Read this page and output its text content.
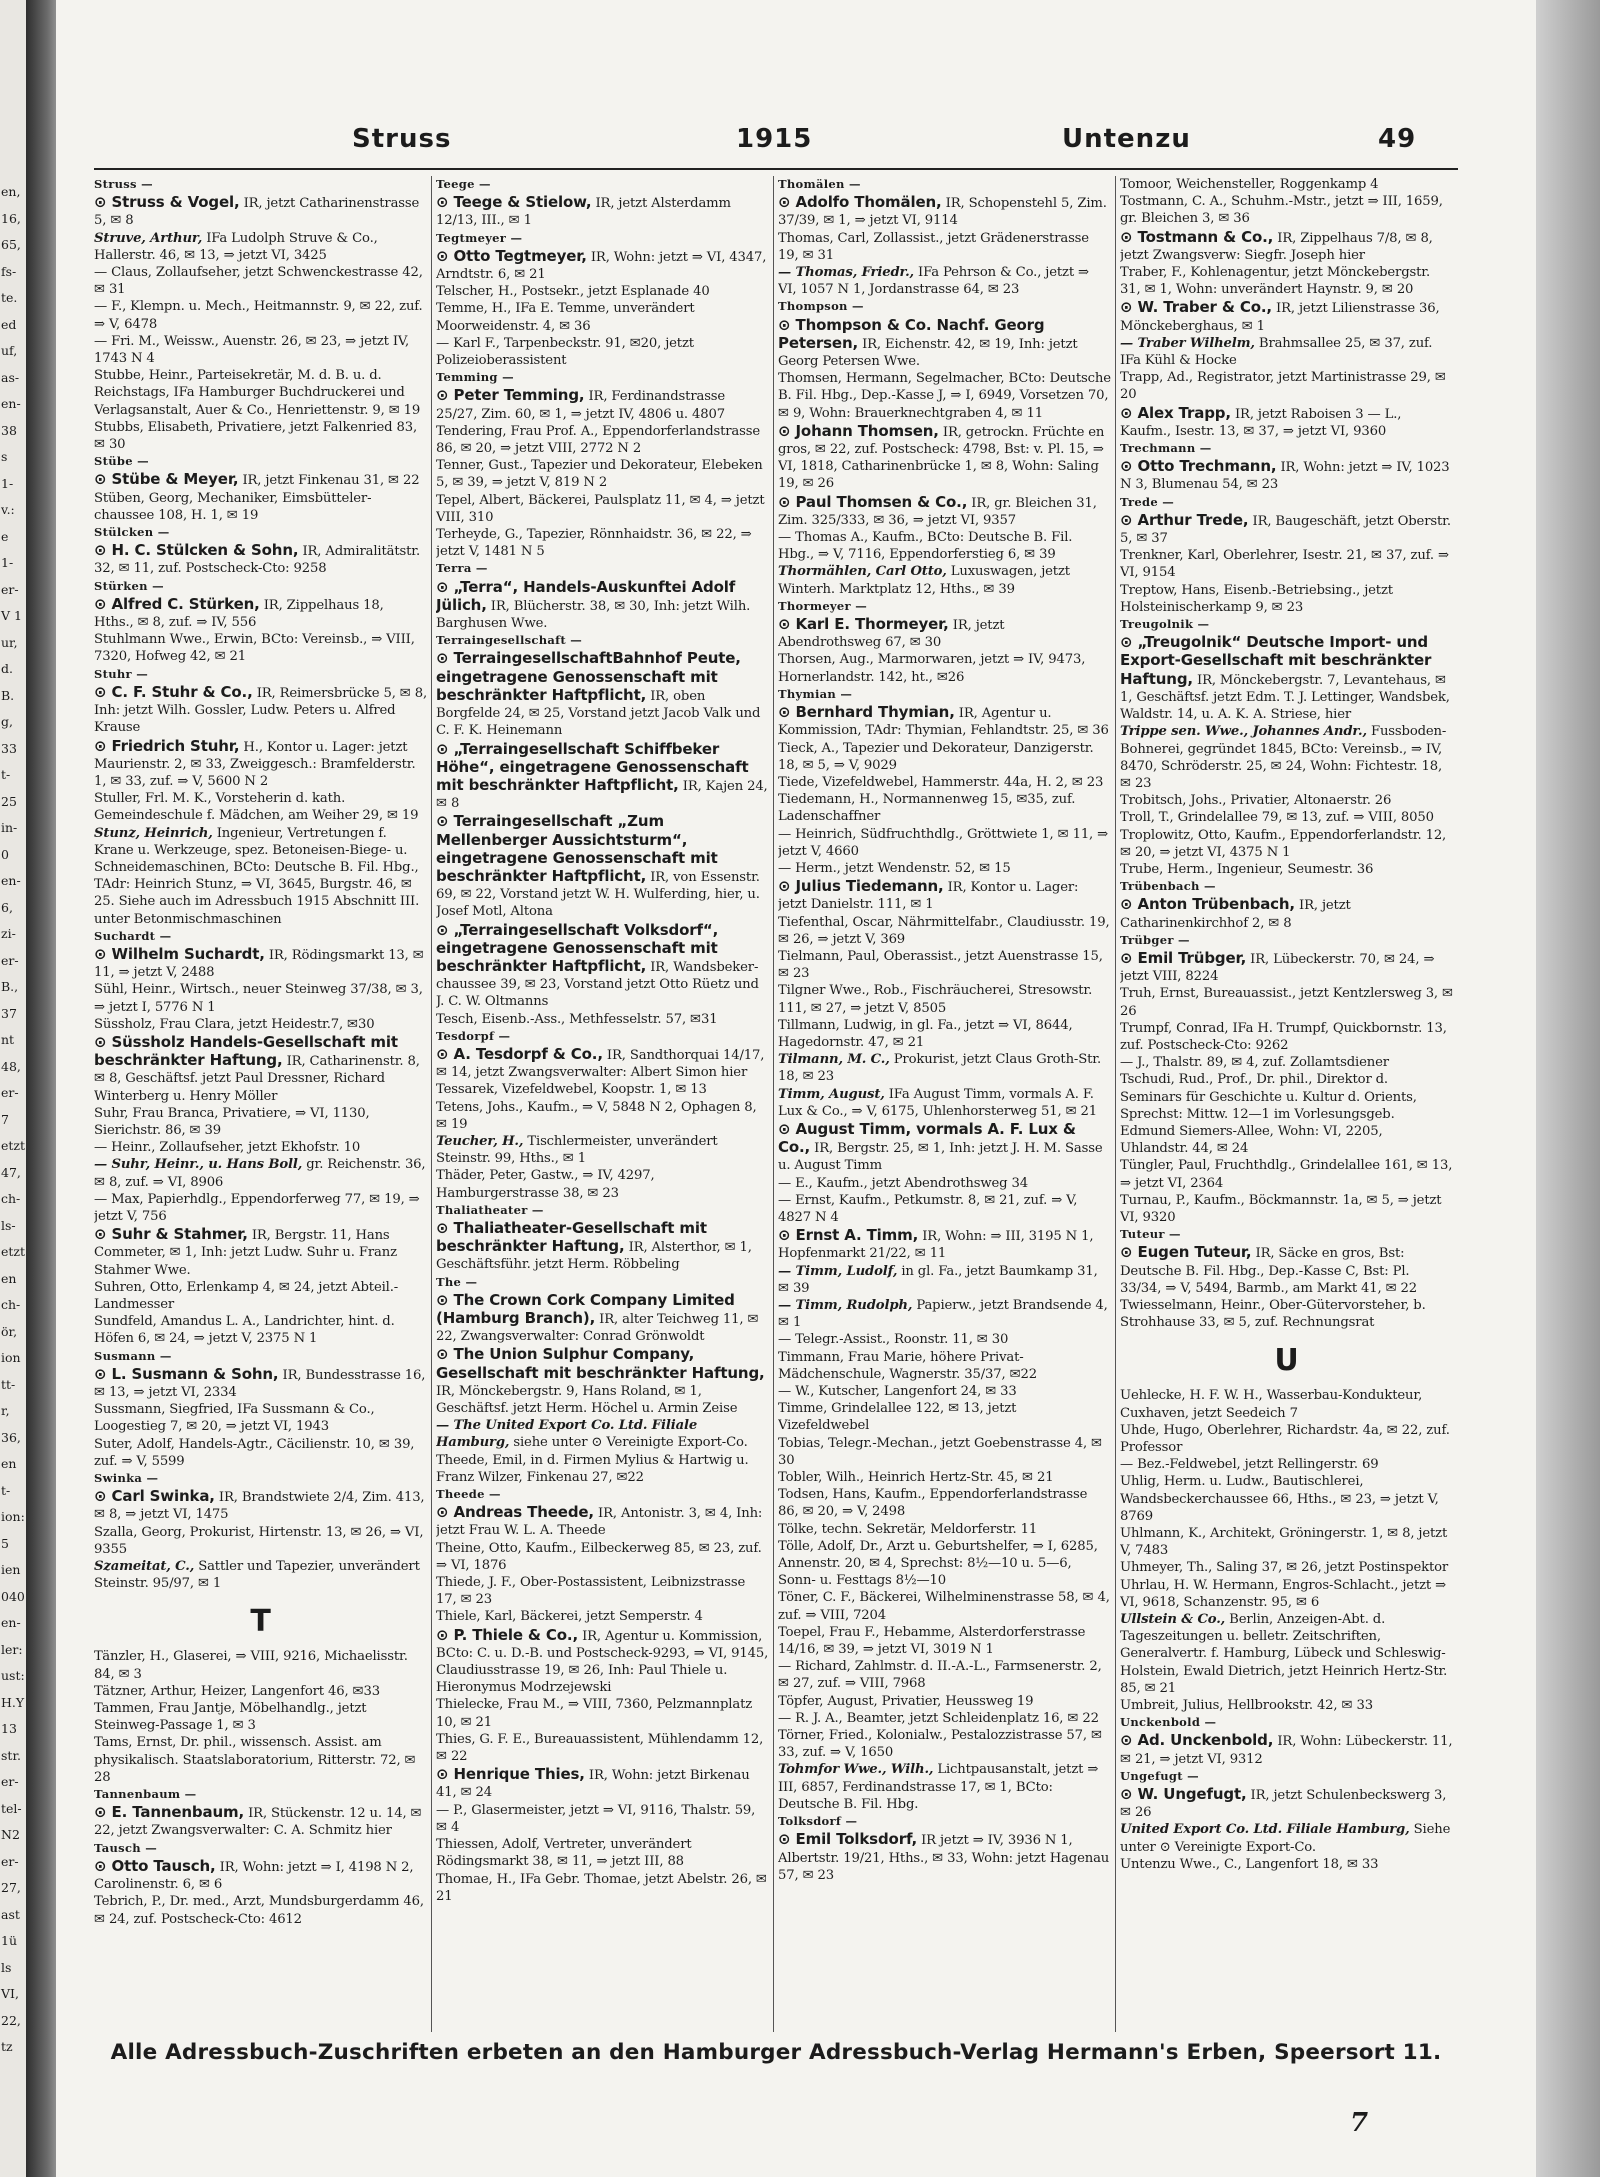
en,
16,
65,
fs-
te.
ed
uf,
as-
en-
38
s
1-
v.:
e
1-
er-
V 1
ur,
d.
B.
g,
33
t-
25
in-
0
en-
6,
zi-
er-
B.,
37
nt
48,
er-
7
etzt
47,
ch-
ls-
etzt
en
ch-
ör,
ion
tt-
r,
36,
en
t-
ion:
5
ien
040
en-
ler:
ust:
H.Y
13
str.
er-
tel-
N2
er-
27,
ast
1ü
ls
VI,
22,
tz
Struss	1915	Untenzu	49

Struss —

⊙ Struss & Vogel, IR, jetzt Catharinenstrasse 5, ✉ 8

Struve, Arthur, IFa Ludolph Struve & Co., Hallerstr. 46, ✉ 13, ⇒ jetzt VI, 3425

— Claus, Zollaufseher, jetzt Schwenckestrasse 42, ✉ 31

— F., Klempn. u. Mech., Heitmannstr. 9, ✉ 22, zuf. ⇒ V, 6478

— Fri. M., Weissw., Auenstr. 26, ✉ 23, ⇒ jetzt IV, 1743 N 4

Stubbe, Heinr., Parteisekretär, M. d. B. u. d. Reichstags, IFa Hamburger Buchdruckerei und Verlagsanstalt, Auer & Co., Henriettenstr. 9, ✉ 19

Stubbs, Elisabeth, Privatiere, jetzt Falkenried 83, ✉ 30

Stübe —

⊙ Stübe & Meyer, IR, jetzt Finkenau 31, ✉ 22

Stüben, Georg, Mechaniker, Eimsbütteler-chaussee 108, H. 1, ✉ 19

Stülcken —

⊙ H. C. Stülcken & Sohn, IR, Admiralitätstr. 32, ✉ 11, zuf. Postscheck-Cto: 9258

Stürken —

⊙ Alfred C. Stürken, IR, Zippelhaus 18, Hths., ✉ 8, zuf. ⇒ IV, 556

Stuhlmann Wwe., Erwin, BCto: Vereinsb., ⇒ VIII, 7320, Hofweg 42, ✉ 21

Stuhr —

⊙ C. F. Stuhr & Co., IR, Reimersbrücke 5, ✉ 8, Inh: jetzt Wilh. Gossler, Ludw. Peters u. Alfred Krause

⊙ Friedrich Stuhr, H., Kontor u. Lager: jetzt Maurienstr. 2, ✉ 33, Zweiggesch.: Bramfelderstr. 1, ✉ 33, zuf. ⇒ V, 5600 N 2

Stuller, Frl. M. K., Vorsteherin d. kath. Gemeindeschule f. Mädchen, am Weiher 29, ✉ 19

Stunz, Heinrich, Ingenieur, Vertretungen f. Krane u. Werkzeuge, spez. Betoneisen-Biege- u. Schneidemaschinen, BCto: Deutsche B. Fil. Hbg., TAdr: Heinrich Stunz, ⇒ VI, 3645, Burgstr. 46, ✉ 25. Siehe auch im Adressbuch 1915 Abschnitt III. unter Betonmischmaschinen

Suchardt —

⊙ Wilhelm Suchardt, IR, Rödingsmarkt 13, ✉ 11, ⇒ jetzt V, 2488

Sühl, Heinr., Wirtsch., neuer Steinweg 37/38, ✉ 3, ⇒ jetzt I, 5776 N 1

Süssholz, Frau Clara, jetzt Heidestr.7, ✉30

⊙ Süssholz Handels-Gesellschaft mit beschränkter Haftung, IR, Catharinenstr. 8, ✉ 8, Geschäftsf. jetzt Paul Dressner, Richard Winterberg u. Henry Möller

Suhr, Frau Branca, Privatiere, ⇒ VI, 1130, Sierichstr. 86, ✉ 39

— Heinr., Zollaufseher, jetzt Ekhofstr. 10

— Suhr, Heinr., u. Hans Boll, gr. Reichenstr. 36, ✉ 8, zuf. ⇒ VI, 8906

— Max, Papierhdlg., Eppendorferweg 77, ✉ 19, ⇒ jetzt V, 756

⊙ Suhr & Stahmer, IR, Bergstr. 11, Hans Commeter, ✉ 1, Inh: jetzt Ludw. Suhr u. Franz Stahmer Wwe.

Suhren, Otto, Erlenkamp 4, ✉ 24, jetzt Abteil.-Landmesser

Sundfeld, Amandus L. A., Landrichter, hint. d. Höfen 6, ✉ 24, ⇒ jetzt V, 2375 N 1

Susmann —

⊙ L. Susmann & Sohn, IR, Bundesstrasse 16, ✉ 13, ⇒ jetzt VI, 2334

Sussmann, Siegfried, IFa Sussmann & Co., Loogestieg 7, ✉ 20, ⇒ jetzt VI, 1943

Suter, Adolf, Handels-Agtr., Cäcilienstr. 10, ✉ 39, zuf. ⇒ V, 5599

Swinka —

⊙ Carl Swinka, IR, Brandstwiete 2/4, Zim. 413, ✉ 8, ⇒ jetzt VI, 1475

Szalla, Georg, Prokurist, Hirtenstr. 13, ✉ 26, ⇒ VI, 9355

Szameitat, C., Sattler und Tapezier, unverändert Steinstr. 95/97, ✉ 1

T

Tänzler, H., Glaserei, ⇒ VIII, 9216, Michaelisstr. 84, ✉ 3

Tätzner, Arthur, Heizer, Langenfort 46, ✉33

Tammen, Frau Jantje, Möbelhandlg., jetzt Steinweg-Passage 1, ✉ 3

Tams, Ernst, Dr. phil., wissensch. Assist. am physikalisch. Staatslaboratorium, Ritterstr. 72, ✉ 28

Tannenbaum —

⊙ E. Tannenbaum, IR, Stückenstr. 12 u. 14, ✉ 22, jetzt Zwangsverwalter: C. A. Schmitz hier

Tausch —

⊙ Otto Tausch, IR, Wohn: jetzt ⇒ I, 4198 N 2, Carolinenstr. 6, ✉ 6

Tebrich, P., Dr. med., Arzt, Mundsburgerdamm 46, ✉ 24, zuf. Postscheck-Cto: 4612

Teege —

⊙ Teege & Stielow, IR, jetzt Alsterdamm 12/13, III., ✉ 1

Tegtmeyer —

⊙ Otto Tegtmeyer, IR, Wohn: jetzt ⇒ VI, 4347, Arndtstr. 6, ✉ 21

Telscher, H., Postsekr., jetzt Esplanade 40

Temme, H., IFa E. Temme, unverändert Moorweidenstr. 4, ✉ 36

— Karl F., Tarpenbeckstr. 91, ✉20, jetzt Polizeioberassistent

Temming —

⊙ Peter Temming, IR, Ferdinandstrasse 25/27, Zim. 60, ✉ 1, ⇒ jetzt IV, 4806 u. 4807

Tendering, Frau Prof. A., Eppendorferlandstrasse 86, ✉ 20, ⇒ jetzt VIII, 2772 N 2

Tenner, Gust., Tapezier und Dekorateur, Elebeken 5, ✉ 39, ⇒ jetzt V, 819 N 2

Tepel, Albert, Bäckerei, Paulsplatz 11, ✉ 4, ⇒ jetzt VIII, 310

Terheyde, G., Tapezier, Rönnhaidstr. 36, ✉ 22, ⇒ jetzt V, 1481 N 5

Terra —

⊙ „Terra“, Handels-Auskunftei Adolf Jülich, IR, Blücherstr. 38, ✉ 30, Inh: jetzt Wilh. Barghusen Wwe.

Terraingesellschaft —

⊙ TerraingesellschaftBahnhof Peute, eingetragene Genossenschaft mit beschränkter Haftpflicht, IR, oben Borgfelde 24, ✉ 25, Vorstand jetzt Jacob Valk und C. F. K. Heinemann

⊙ „Terraingesellschaft Schiffbeker Höhe“, eingetragene Genossenschaft mit beschränkter Haftpflicht, IR, Kajen 24, ✉ 8

⊙ Terraingesellschaft „Zum Mellenberger Aussichtsturm“, eingetragene Genossenschaft mit beschränkter Haftpflicht, IR, von Essenstr. 69, ✉ 22, Vorstand jetzt W. H. Wulferding, hier, u. Josef Motl, Altona

⊙ „Terraingesellschaft Volksdorf“, eingetragene Genossenschaft mit beschränkter Haftpflicht, IR, Wandsbeker-chaussee 39, ✉ 23, Vorstand jetzt Otto Rüetz und J. C. W. Oltmanns

Tesch, Eisenb.-Ass., Methfesselstr. 57, ✉31

Tesdorpf —

⊙ A. Tesdorpf & Co., IR, Sandthorquai 14/17, ✉ 14, jetzt Zwangsverwalter: Albert Simon hier

Tessarek, Vizefeldwebel, Koopstr. 1, ✉ 13

Tetens, Johs., Kaufm., ⇒ V, 5848 N 2, Ophagen 8, ✉ 19

Teucher, H., Tischlermeister, unverändert Steinstr. 99, Hths., ✉ 1

Thäder, Peter, Gastw., ⇒ IV, 4297, Hamburgerstrasse 38, ✉ 23

Thaliatheater —

⊙ Thaliatheater-Gesellschaft mit beschränkter Haftung, IR, Alsterthor, ✉ 1, Geschäftsführ. jetzt Herm. Röbbeling

The —

⊙ The Crown Cork Company Limited (Hamburg Branch), IR, alter Teichweg 11, ✉ 22, Zwangsverwalter: Conrad Grönwoldt

⊙ The Union Sulphur Company, Gesellschaft mit beschränkter Haftung, IR, Mönckebergstr. 9, Hans Roland, ✉ 1, Geschäftsf. jetzt Herm. Höchel u. Armin Zeise

— The United Export Co. Ltd. Filiale Hamburg, siehe unter ⊙ Vereinigte Export-Co.

Theede, Emil, in d. Firmen Mylius & Hartwig u. Franz Wilzer, Finkenau 27, ✉22

Theede —

⊙ Andreas Theede, IR, Antonistr. 3, ✉ 4, Inh: jetzt Frau W. L. A. Theede

Theine, Otto, Kaufm., Eilbeckerweg 85, ✉ 23, zuf. ⇒ VI, 1876

Thiede, J. F., Ober-Postassistent, Leibnizstrasse 17, ✉ 23

Thiele, Karl, Bäckerei, jetzt Semperstr. 4

⊙ P. Thiele & Co., IR, Agentur u. Kommission, BCto: C. u. D.-B. und Postscheck-9293, ⇒ VI, 9145, Claudiusstrasse 19, ✉ 26, Inh: Paul Thiele u. Hieronymus Modrzejewski

Thielecke, Frau M., ⇒ VIII, 7360, Pelzmannplatz 10, ✉ 21

Thies, G. F. E., Bureauassistent, Mühlendamm 12, ✉ 22

⊙ Henrique Thies, IR, Wohn: jetzt Birkenau 41, ✉ 24

— P., Glasermeister, jetzt ⇒ VI, 9116, Thalstr. 59, ✉ 4

Thiessen, Adolf, Vertreter, unverändert Rödingsmarkt 38, ✉ 11, ⇒ jetzt III, 88

Thomae, H., IFa Gebr. Thomae, jetzt Abelstr. 26, ✉ 21

Thomälen —

⊙ Adolfo Thomälen, IR, Schopenstehl 5, Zim. 37/39, ✉ 1, ⇒ jetzt VI, 9114

Thomas, Carl, Zollassist., jetzt Grädenerstrasse 19, ✉ 31

— Thomas, Friedr., IFa Pehrson & Co., jetzt ⇒ VI, 1057 N 1, Jordanstrasse 64, ✉ 23

Thompson —

⊙ Thompson & Co. Nachf. Georg Petersen, IR, Eichenstr. 42, ✉ 19, Inh: jetzt Georg Petersen Wwe.

Thomsen, Hermann, Segelmacher, BCto: Deutsche B. Fil. Hbg., Dep.-Kasse J, ⇒ I, 6949, Vorsetzen 70, ✉ 9, Wohn: Brauerknechtgraben 4, ✉ 11

⊙ Johann Thomsen, IR, getrockn. Früchte en gros, ✉ 22, zuf. Postscheck: 4798, Bst: v. Pl. 15, ⇒ VI, 1818, Catharinenbrücke 1, ✉ 8, Wohn: Saling 19, ✉ 26

⊙ Paul Thomsen & Co., IR, gr. Bleichen 31, Zim. 325/333, ✉ 36, ⇒ jetzt VI, 9357

— Thomas A., Kaufm., BCto: Deutsche B. Fil. Hbg., ⇒ V, 7116, Eppendorferstieg 6, ✉ 39

Thormählen, Carl Otto, Luxuswagen, jetzt Winterh. Marktplatz 12, Hths., ✉ 39

Thormeyer —

⊙ Karl E. Thormeyer, IR, jetzt Abendrothsweg 67, ✉ 30

Thorsen, Aug., Marmorwaren, jetzt ⇒ IV, 9473, Hornerlandstr. 142, ht., ✉26

Thymian —

⊙ Bernhard Thymian, IR, Agentur u. Kommission, TAdr: Thymian, Fehlandtstr. 25, ✉ 36

Tieck, A., Tapezier und Dekorateur, Danzigerstr. 18, ✉ 5, ⇒ V, 9029

Tiede, Vizefeldwebel, Hammerstr. 44a, H. 2, ✉ 23

Tiedemann, H., Normannenweg 15, ✉35, zuf. Ladenschaffner

— Heinrich, Südfruchthdlg., Gröttwiete 1, ✉ 11, ⇒ jetzt V, 4660

— Herm., jetzt Wendenstr. 52, ✉ 15

⊙ Julius Tiedemann, IR, Kontor u. Lager: jetzt Danielstr. 111, ✉ 1

Tiefenthal, Oscar, Nährmittelfabr., Claudiusstr. 19, ✉ 26, ⇒ jetzt V, 369

Tielmann, Paul, Oberassist., jetzt Auenstrasse 15, ✉ 23

Tilgner Wwe., Rob., Fischräucherei, Stresowstr. 111, ✉ 27, ⇒ jetzt V, 8505

Tillmann, Ludwig, in gl. Fa., jetzt ⇒ VI, 8644, Hagedornstr. 47, ✉ 21

Tilmann, M. C., Prokurist, jetzt Claus Groth-Str. 18, ✉ 23

Timm, August, IFa August Timm, vormals A. F. Lux & Co., ⇒ V, 6175, Uhlenhorsterweg 51, ✉ 21

⊙ August Timm, vormals A. F. Lux & Co., IR, Bergstr. 25, ✉ 1, Inh: jetzt J. H. M. Sasse u. August Timm

— E., Kaufm., jetzt Abendrothsweg 34

— Ernst, Kaufm., Petkumstr. 8, ✉ 21, zuf. ⇒ V, 4827 N 4

⊙ Ernst A. Timm, IR, Wohn: ⇒ III, 3195 N 1, Hopfenmarkt 21/22, ✉ 11

— Timm, Ludolf, in gl. Fa., jetzt Baumkamp 31, ✉ 39

— Timm, Rudolph, Papierw., jetzt Brandsende 4, ✉ 1

— Telegr.-Assist., Roonstr. 11, ✉ 30

Timmann, Frau Marie, höhere Privat-Mädchenschule, Wagnerstr. 35/37, ✉22

— W., Kutscher, Langenfort 24, ✉ 33

Timme, Grindelallee 122, ✉ 13, jetzt Vizefeldwebel

Tobias, Telegr.-Mechan., jetzt Goebenstrasse 4, ✉ 30

Tobler, Wilh., Heinrich Hertz-Str. 45, ✉ 21

Todsen, Hans, Kaufm., Eppendorferlandstrasse 86, ✉ 20, ⇒ V, 2498

Tölke, techn. Sekretär, Meldorferstr. 11

Tölle, Adolf, Dr., Arzt u. Geburtshelfer, ⇒ I, 6285, Annenstr. 20, ✉ 4, Sprechst: 8½—10 u. 5—6, Sonn- u. Festtags 8½—10

Töner, C. F., Bäckerei, Wilhelminenstrasse 58, ✉ 4, zuf. ⇒ VIII, 7204

Toepel, Frau F., Hebamme, Alsterdorferstrasse 14/16, ✉ 39, ⇒ jetzt VI, 3019 N 1

— Richard, Zahlmstr. d. II.-A.-L., Farmsenerstr. 2, ✉ 27, zuf. ⇒ VIII, 7968

Töpfer, August, Privatier, Heussweg 19

— R. J. A., Beamter, jetzt Schleidenplatz 16, ✉ 22

Törner, Fried., Kolonialw., Pestalozzistrasse 57, ✉ 33, zuf. ⇒ V, 1650

Tohmfor Wwe., Wilh., Lichtpausanstalt, jetzt ⇒ III, 6857, Ferdinandstrasse 17, ✉ 1, BCto: Deutsche B. Fil. Hbg.

Tolksdorf —

⊙ Emil Tolksdorf, IR jetzt ⇒ IV, 3936 N 1, Albertstr. 19/21, Hths., ✉ 33, Wohn: jetzt Hagenau 57, ✉ 23

Tomoor, Weichensteller, Roggenkamp 4

Tostmann, C. A., Schuhm.-Mstr., jetzt ⇒ III, 1659, gr. Bleichen 3, ✉ 36

⊙ Tostmann & Co., IR, Zippelhaus 7/8, ✉ 8, jetzt Zwangsverw: Siegfr. Joseph hier

Traber, F., Kohlenagentur, jetzt Mönckebergstr. 31, ✉ 1, Wohn: unverändert Haynstr. 9, ✉ 20

⊙ W. Traber & Co., IR, jetzt Lilienstrasse 36, Mönckeberghaus, ✉ 1

— Traber Wilhelm, Brahmsallee 25, ✉ 37, zuf. IFa Kühl & Hocke

Trapp, Ad., Registrator, jetzt Martinistrasse 29, ✉ 20

⊙ Alex Trapp, IR, jetzt Raboisen 3 — L., Kaufm., Isestr. 13, ✉ 37, ⇒ jetzt VI, 9360

Trechmann —

⊙ Otto Trechmann, IR, Wohn: jetzt ⇒ IV, 1023 N 3, Blumenau 54, ✉ 23

Trede —

⊙ Arthur Trede, IR, Baugeschäft, jetzt Oberstr. 5, ✉ 37

Trenkner, Karl, Oberlehrer, Isestr. 21, ✉ 37, zuf. ⇒ VI, 9154

Treptow, Hans, Eisenb.-Betriebsing., jetzt Holsteinischerkamp 9, ✉ 23

Treugolnik —

⊙ „Treugolnik“ Deutsche Import- und Export-Gesellschaft mit beschränkter Haftung, IR, Mönckebergstr. 7, Levantehaus, ✉ 1, Geschäftsf. jetzt Edm. T. J. Lettinger, Wandsbek, Waldstr. 14, u. A. K. A. Striese, hier

Trippe sen. Wwe., Johannes Andr., Fussboden-Bohnerei, gegründet 1845, BCto: Vereinsb., ⇒ IV, 8470, Schröderstr. 25, ✉ 24, Wohn: Fichtestr. 18, ✉ 23

Trobitsch, Johs., Privatier, Altonaerstr. 26

Troll, T., Grindelallee 79, ✉ 13, zuf. ⇒ VIII, 8050

Troplowitz, Otto, Kaufm., Eppendorferlandstr. 12, ✉ 20, ⇒ jetzt VI, 4375 N 1

Trube, Herm., Ingenieur, Seumestr. 36

Trübenbach —

⊙ Anton Trübenbach, IR, jetzt Catharinenkirchhof 2, ✉ 8

Trübger —

⊙ Emil Trübger, IR, Lübeckerstr. 70, ✉ 24, ⇒ jetzt VIII, 8224

Truh, Ernst, Bureauassist., jetzt Kentzlersweg 3, ✉ 26

Trumpf, Conrad, IFa H. Trumpf, Quickbornstr. 13, zuf. Postscheck-Cto: 9262

— J., Thalstr. 89, ✉ 4, zuf. Zollamtsdiener

Tschudi, Rud., Prof., Dr. phil., Direktor d. Seminars für Geschichte u. Kultur d. Orients, Sprechst: Mittw. 12—1 im Vorlesungsgeb. Edmund Siemers-Allee, Wohn: VI, 2205, Uhlandstr. 44, ✉ 24

Tüngler, Paul, Fruchthdlg., Grindelallee 161, ✉ 13, ⇒ jetzt VI, 2364

Turnau, P., Kaufm., Böckmannstr. 1a, ✉ 5, ⇒ jetzt VI, 9320

Tuteur —

⊙ Eugen Tuteur, IR, Säcke en gros, Bst: Deutsche B. Fil. Hbg., Dep.-Kasse C, Bst: Pl. 33/34, ⇒ V, 5494, Barmb., am Markt 41, ✉ 22

Twiesselmann, Heinr., Ober-Gütervorsteher, b. Strohhause 33, ✉ 5, zuf. Rechnungsrat

U

Uehlecke, H. F. W. H., Wasserbau-Kondukteur, Cuxhaven, jetzt Seedeich 7

Uhde, Hugo, Oberlehrer, Richardstr. 4a, ✉ 22, zuf. Professor

— Bez.-Feldwebel, jetzt Rellingerstr. 69

Uhlig, Herm. u. Ludw., Bautischlerei, Wandsbeckerchaussee 66, Hths., ✉ 23, ⇒ jetzt V, 8769

Uhlmann, K., Architekt, Gröningerstr. 1, ✉ 8, jetzt V, 7483

Uhmeyer, Th., Saling 37, ✉ 26, jetzt Postinspektor

Uhrlau, H. W. Hermann, Engros-Schlacht., jetzt ⇒ VI, 9618, Schanzenstr. 95, ✉ 6

Ullstein & Co., Berlin, Anzeigen-Abt. d. Tageszeitungen u. belletr. Zeitschriften, Generalvertr. f. Hamburg, Lübeck und Schleswig-Holstein, Ewald Dietrich, jetzt Heinrich Hertz-Str. 85, ✉ 21

Umbreit, Julius, Hellbrookstr. 42, ✉ 33

Unckenbold —

⊙ Ad. Unckenbold, IR, Wohn: Lübeckerstr. 11, ✉ 21, ⇒ jetzt VI, 9312

Ungefugt —

⊙ W. Ungefugt, IR, jetzt Schulenbeckswerg 3, ✉ 26

United Export Co. Ltd. Filiale Hamburg, Siehe unter ⊙ Vereinigte Export-Co.

Untenzu Wwe., C., Langenfort 18, ✉ 33

Alle Adressbuch-Zuschriften erbeten an den Hamburger Adressbuch-Verlag Hermann's Erben, Speersort 11.
7
